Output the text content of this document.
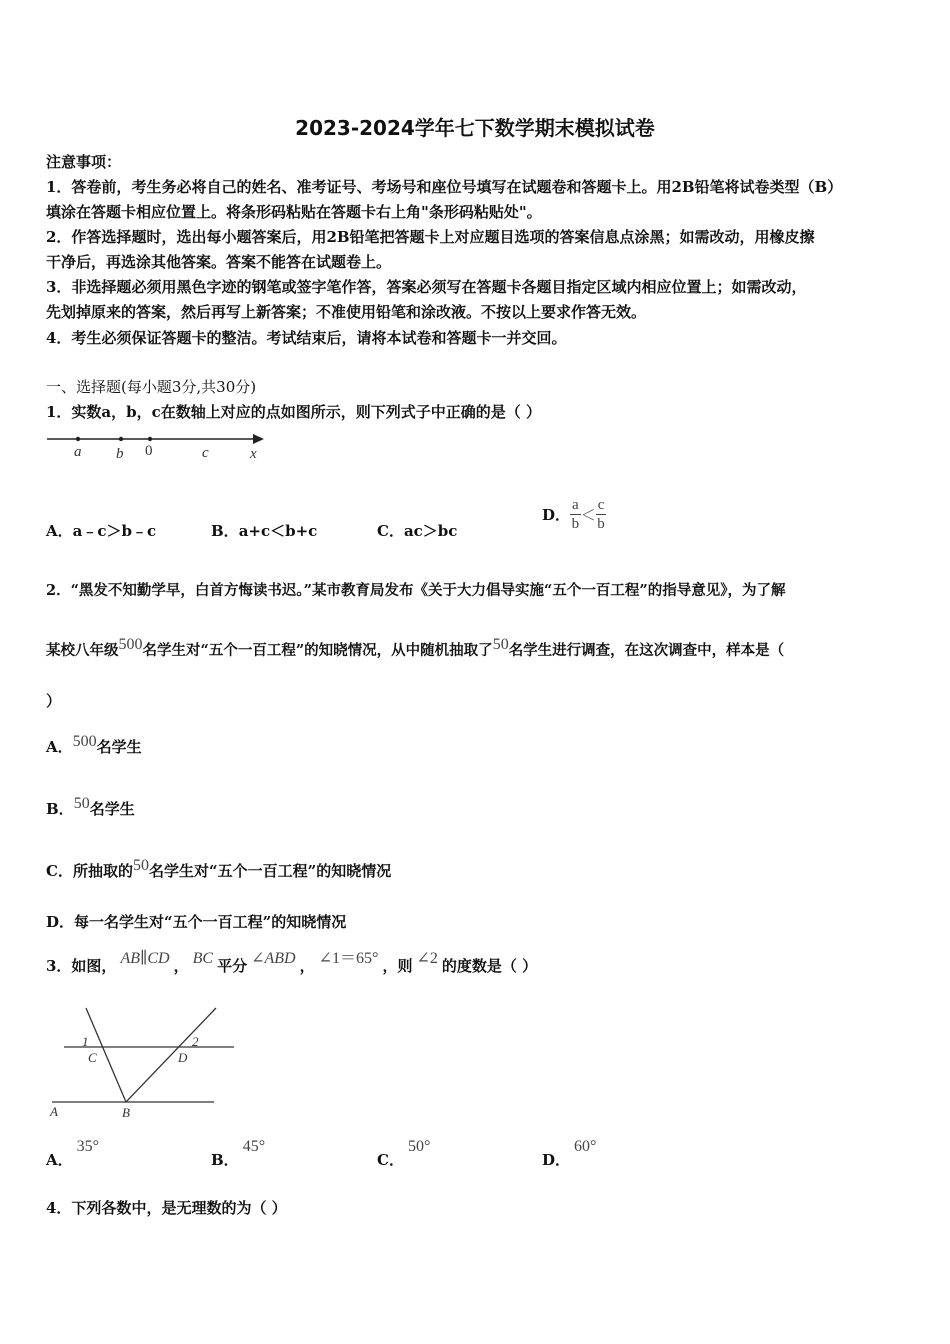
2023-2024学年七下数学期末模拟试卷
注意事项：
1．答卷前，考生务必将自己的姓名、准考证号、考场号和座位号填写在试题卷和答题卡上。用2B铅笔将试卷类型（B）
填涂在答题卡相应位置上。将条形码粘贴在答题卡右上角"条形码粘贴处"。
2．作答选择题时，选出每小题答案后，用2B铅笔把答题卡上对应题目选项的答案信息点涂黑；如需改动，用橡皮擦
干净后，再选涂其他答案。答案不能答在试题卷上。
3．非选择题必须用黑色字迹的钢笔或签字笔作答，答案必须写在答题卡各题目指定区域内相应位置上；如需改动，
先划掉原来的答案，然后再写上新答案；不准使用铅笔和涂改液。不按以上要求作答无效。
4．考生必须保证答题卡的整洁。考试结束后，请将本试卷和答题卡一并交回。
一、选择题(每小题3分,共30分)
1．实数a，b，c在数轴上对应的点如图所示，则下列式子中正确的是（ ）
a b 0	c	x
A．a﹣c＞b﹣c	B．a+c＜b+c	C．ac＞bc
D． $\frac{a}{b} < \frac{c}{b}$
2．“黑发不知勤学早，白首方悔读书迟。”某市教育局发布《关于大力倡导实施“五个一百工程”的指导意见》，为了解
某校八年级500名学生对“五个一百工程”的知晓情况，从中随机抽取了50名学生进行调查，在这次调查中，样本是（
）
A．500名学生
B．50名学生
C．所抽取的50名学生对“五个一百工程”的知晓情况
D．每一名学生对“五个一百工程”的知晓情况
3．如图， AB∥CD ， BC 平分 ∠ABD ， ∠1＝65° ，则 ∠2 的度数是（ ）
1	2
C	D
A	B
A．35°
B．45°
C．50°
D．60°
4．下列各数中，是无理数的为（ ）
